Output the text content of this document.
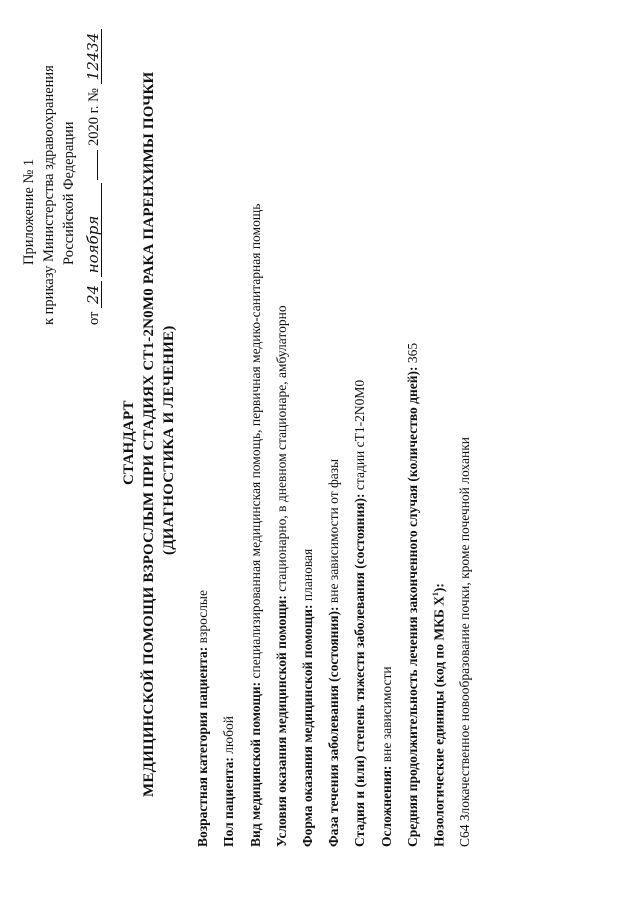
Приложение № 1 к приказу Министерства здравоохранения Российской Федерации
от 24 ноября  2020 г. № 12434
СТАНДАРТ МЕДИЦИНСКОЙ ПОМОЩИ ВЗРОСЛЫМ ПРИ СТАДИЯХ СТ1-2N0M0 РАКА ПАРЕНХИМЫ ПОЧКИ (ДИАГНОСТИКА И ЛЕЧЕНИЕ)
Возрастная категория пациента: взрослые
Пол пациента: любой Вид медицинской помощи: специализированная медицинская помощь, первичная медико-санитарная помощь
Условия оказания медицинской помощи: стационарно, в дневном стационаре, амбулаторно
Форма оказания медицинской помощи: плановая
Фаза течения заболевания (состояния): вне зависимости от фазы Стадия и (или) степень тяжести заболевания (состояния): стадии сТ1-2N0M0
Осложнения: вне зависимости Средняя продолжительность лечения законченного случая (количество дней): 365
Нозологические единицы (код по МКБ $X^1$):
C64 Злокачественное новообразование почки, кроме почечной лоханки
